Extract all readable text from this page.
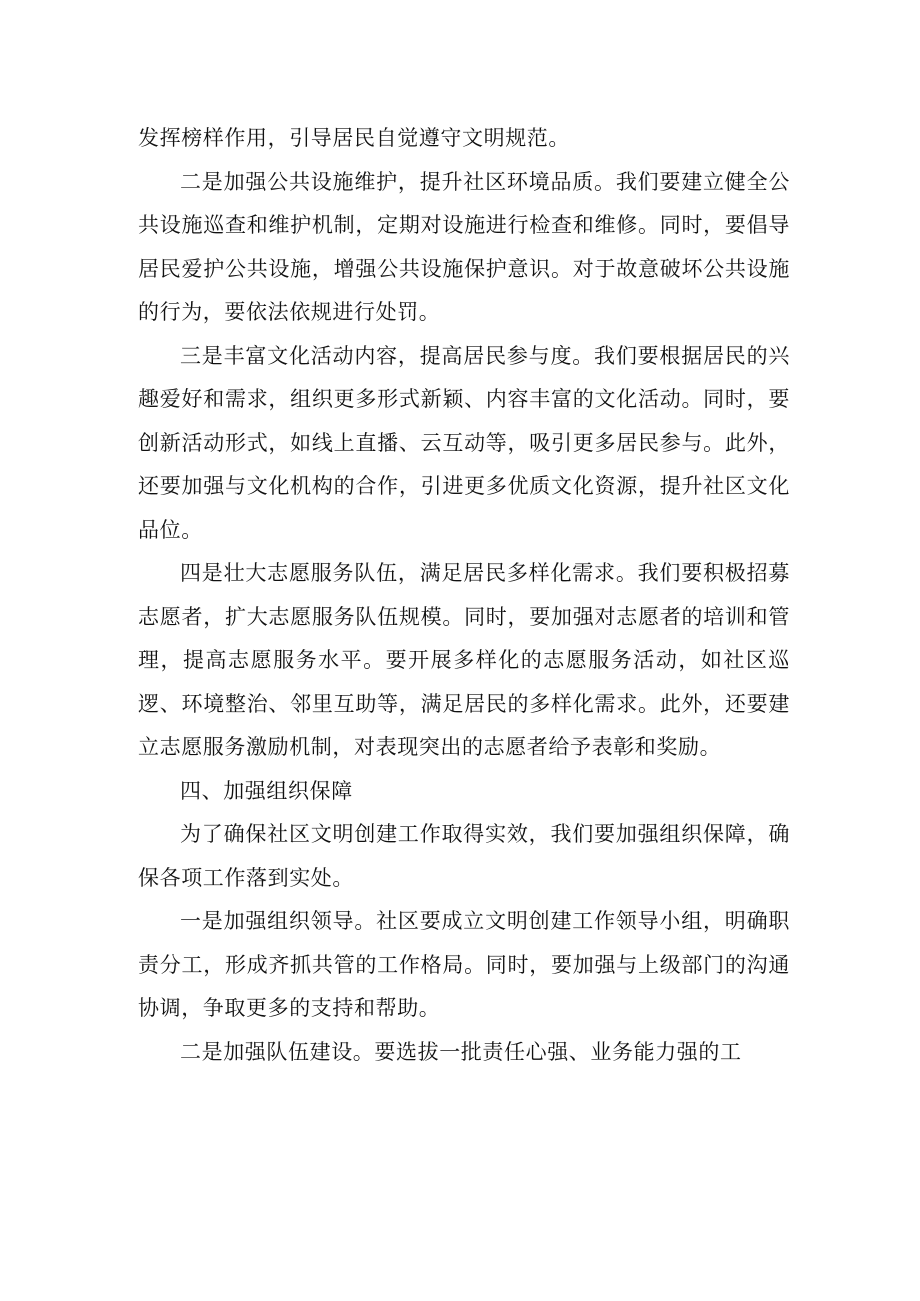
发挥榜样作用，引导居民自觉遵守文明规范。

二是加强公共设施维护，提升社区环境品质。我们要建立健全公共设施巡查和维护机制，定期对设施进行检查和维修。同时，要倡导居民爱护公共设施，增强公共设施保护意识。对于故意破坏公共设施的行为，要依法依规进行处罚。

三是丰富文化活动内容，提高居民参与度。我们要根据居民的兴趣爱好和需求，组织更多形式新颖、内容丰富的文化活动。同时，要创新活动形式，如线上直播、云互动等，吸引更多居民参与。此外，还要加强与文化机构的合作，引进更多优质文化资源，提升社区文化品位。

四是壮大志愿服务队伍，满足居民多样化需求。我们要积极招募志愿者，扩大志愿服务队伍规模。同时，要加强对志愿者的培训和管理，提高志愿服务水平。要开展多样化的志愿服务活动，如社区巡逻、环境整治、邻里互助等，满足居民的多样化需求。此外，还要建立志愿服务激励机制，对表现突出的志愿者给予表彰和奖励。

四、加强组织保障

为了确保社区文明创建工作取得实效，我们要加强组织保障，确保各项工作落到实处。

一是加强组织领导。社区要成立文明创建工作领导小组，明确职责分工，形成齐抓共管的工作格局。同时，要加强与上级部门的沟通协调，争取更多的支持和帮助。

二是加强队伍建设。要选拔一批责任心强、业务能力强的工
